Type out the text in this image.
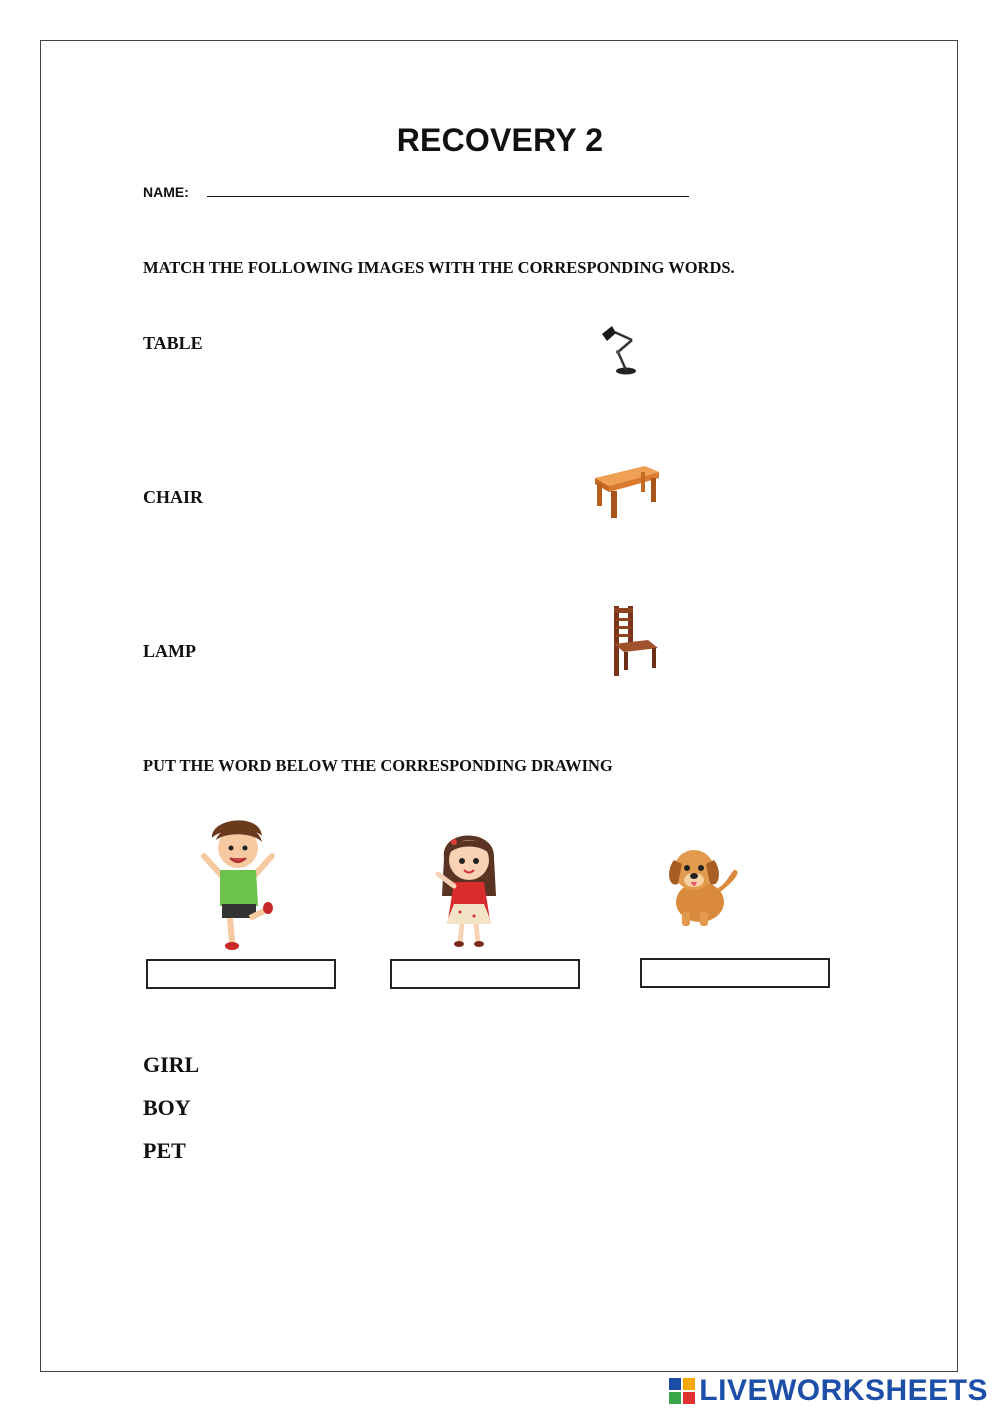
RECOVERY 2
NAME:
MATCH THE FOLLOWING IMAGES WITH THE CORRESPONDING WORDS.
TABLE
CHAIR
LAMP
PUT THE WORD BELOW THE CORRESPONDING DRAWING
GIRL
BOY
PET
LIVEWORKSHEETS
